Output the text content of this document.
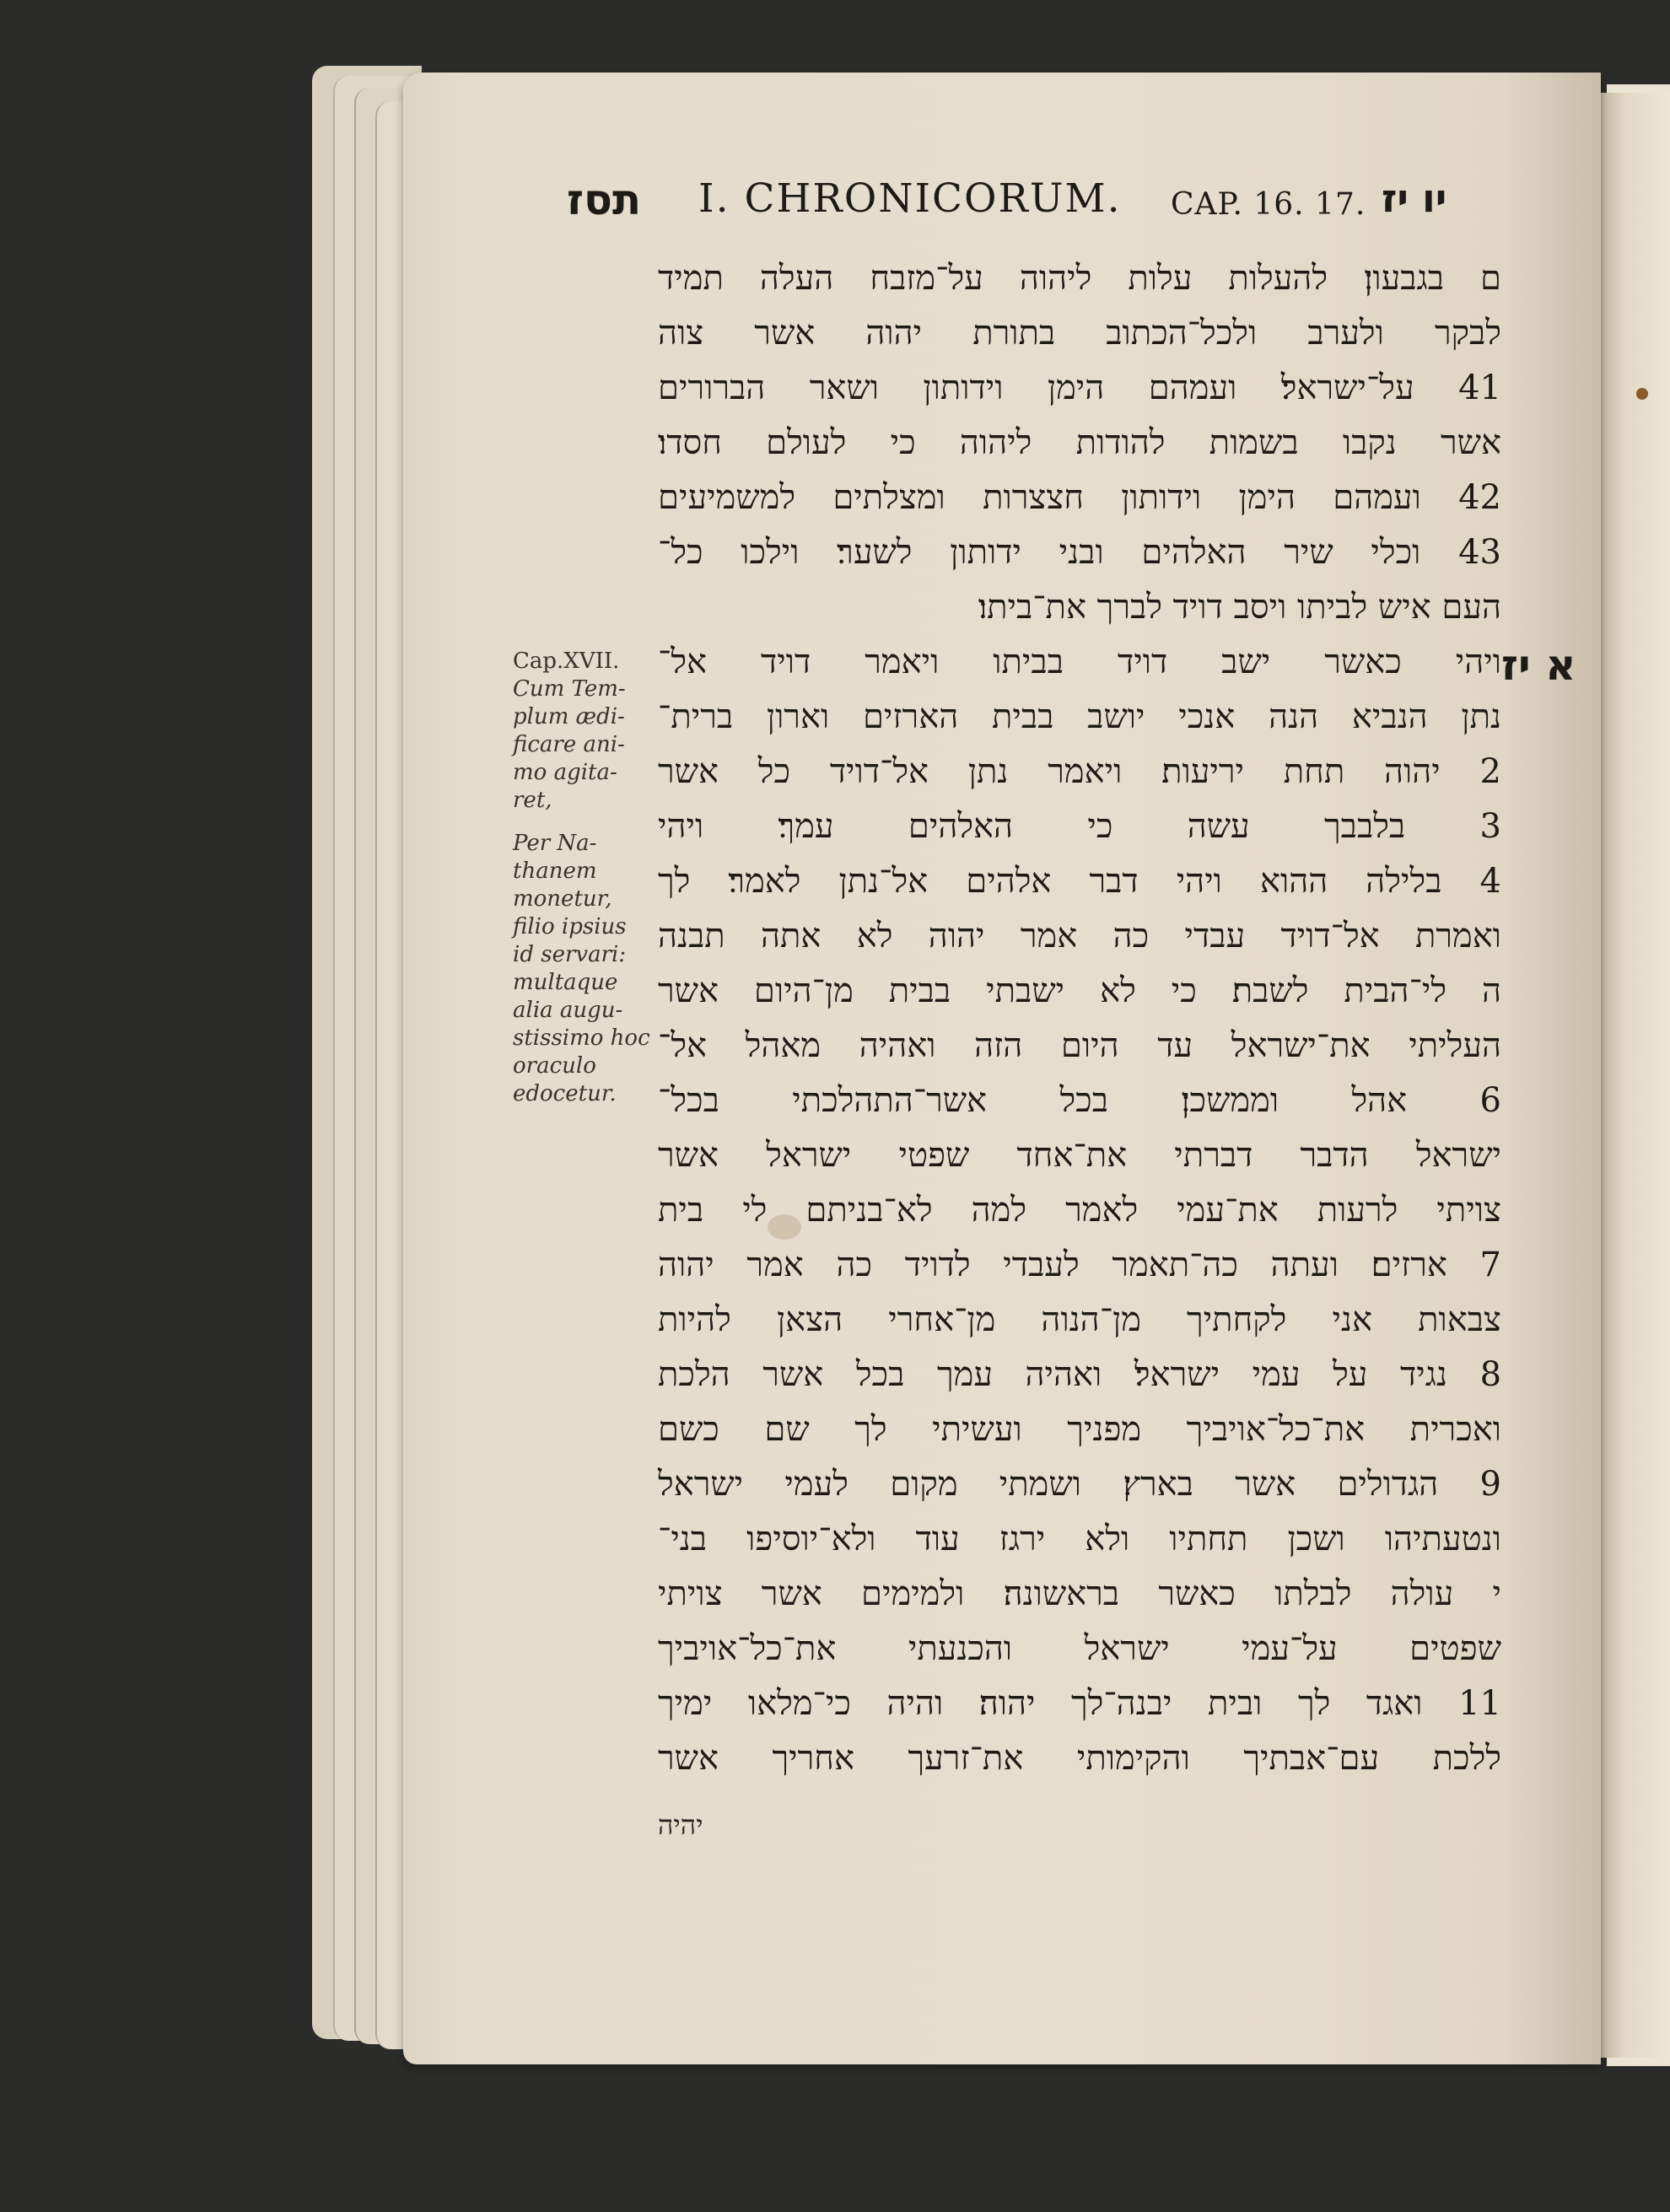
תסז I. CHRONICORUM. CAP. 16. 17. יו יז
Cap.XVII.
Cum Tem-
plum ædi-
ficare ani-
mo agita-
ret,
Per Na-
thanem
monetur,
filio ipsius
id servari:
multaque
alia augu-
stissimo hoc
oraculo
edocetur.
א יז
ם בגבעון׃ להעלות עלות ליהוה על־מזבח העלה תמיד
לבקר ולערב ולכל־הכתוב בתורת יהוה אשר צוה
41 על־ישראל׃ ועמהם הימן וידותון ושאר הברורים
אשר נקבו בשמות להודות ליהוה כי לעולם חסדו׃
42 ועמהם הימן וידותון חצצרות ומצלתים למשמיעים
43 וכלי שיר האלהים ובני ידותון לשער׃ וילכו כל־
העם איש לביתו ויסב דויד לברך את־ביתו׃
ויהי כאשר ישב דויד בביתו ויאמר דויד אל־
נתן הנביא הנה אנכי יושב בבית הארזים וארון ברית־
2 יהוה תחת יריעות׃ ויאמר נתן אל־דויד כל אשר
3 בלבבך עשה כי האלהים עמך׃ ויהי
4 בלילה ההוא ויהי דבר אלהים אל־נתן לאמר׃ לך
ואמרת אל־דויד עבדי כה אמר יהוה לא אתה תבנה
ה לי־הבית לשבת׃ כי לא ישבתי בבית מן־היום אשר
העליתי את־ישראל עד היום הזה ואהיה מאהל אל־
6 אהל וממשכן׃ בכל אשר־התהלכתי בכל־
ישראל הדבר דברתי את־אחד שפטי ישראל אשר
צויתי לרעות את־עמי לאמר למה לא־בניתם לי בית
7 ארזים׃ ועתה כה־תאמר לעבדי לדויד כה אמר יהוה
צבאות אני לקחתיך מן־הנוה מן־אחרי הצאן להיות
8 נגיד על עמי ישראל׃ ואהיה עמך בכל אשר הלכת
ואכרית את־כל־אויביך מפניך ועשיתי לך שם כשם
9 הגדולים אשר בארץ׃ ושמתי מקום לעמי ישראל
ונטעתיהו ושכן תחתיו ולא ירגז עוד ולא־יוסיפו בני־
י עולה לבלתו כאשר בראשונה׃ ולמימים אשר צויתי
שפטים על־עמי ישראל והכנעתי את־כל־אויביך
11 ואגד לך ובית יבנה־לך יהוה׃ והיה כי־מלאו ימיך
ללכת עם־אבתיך והקימותי את־זרעך אחריך אשר
יהיה
